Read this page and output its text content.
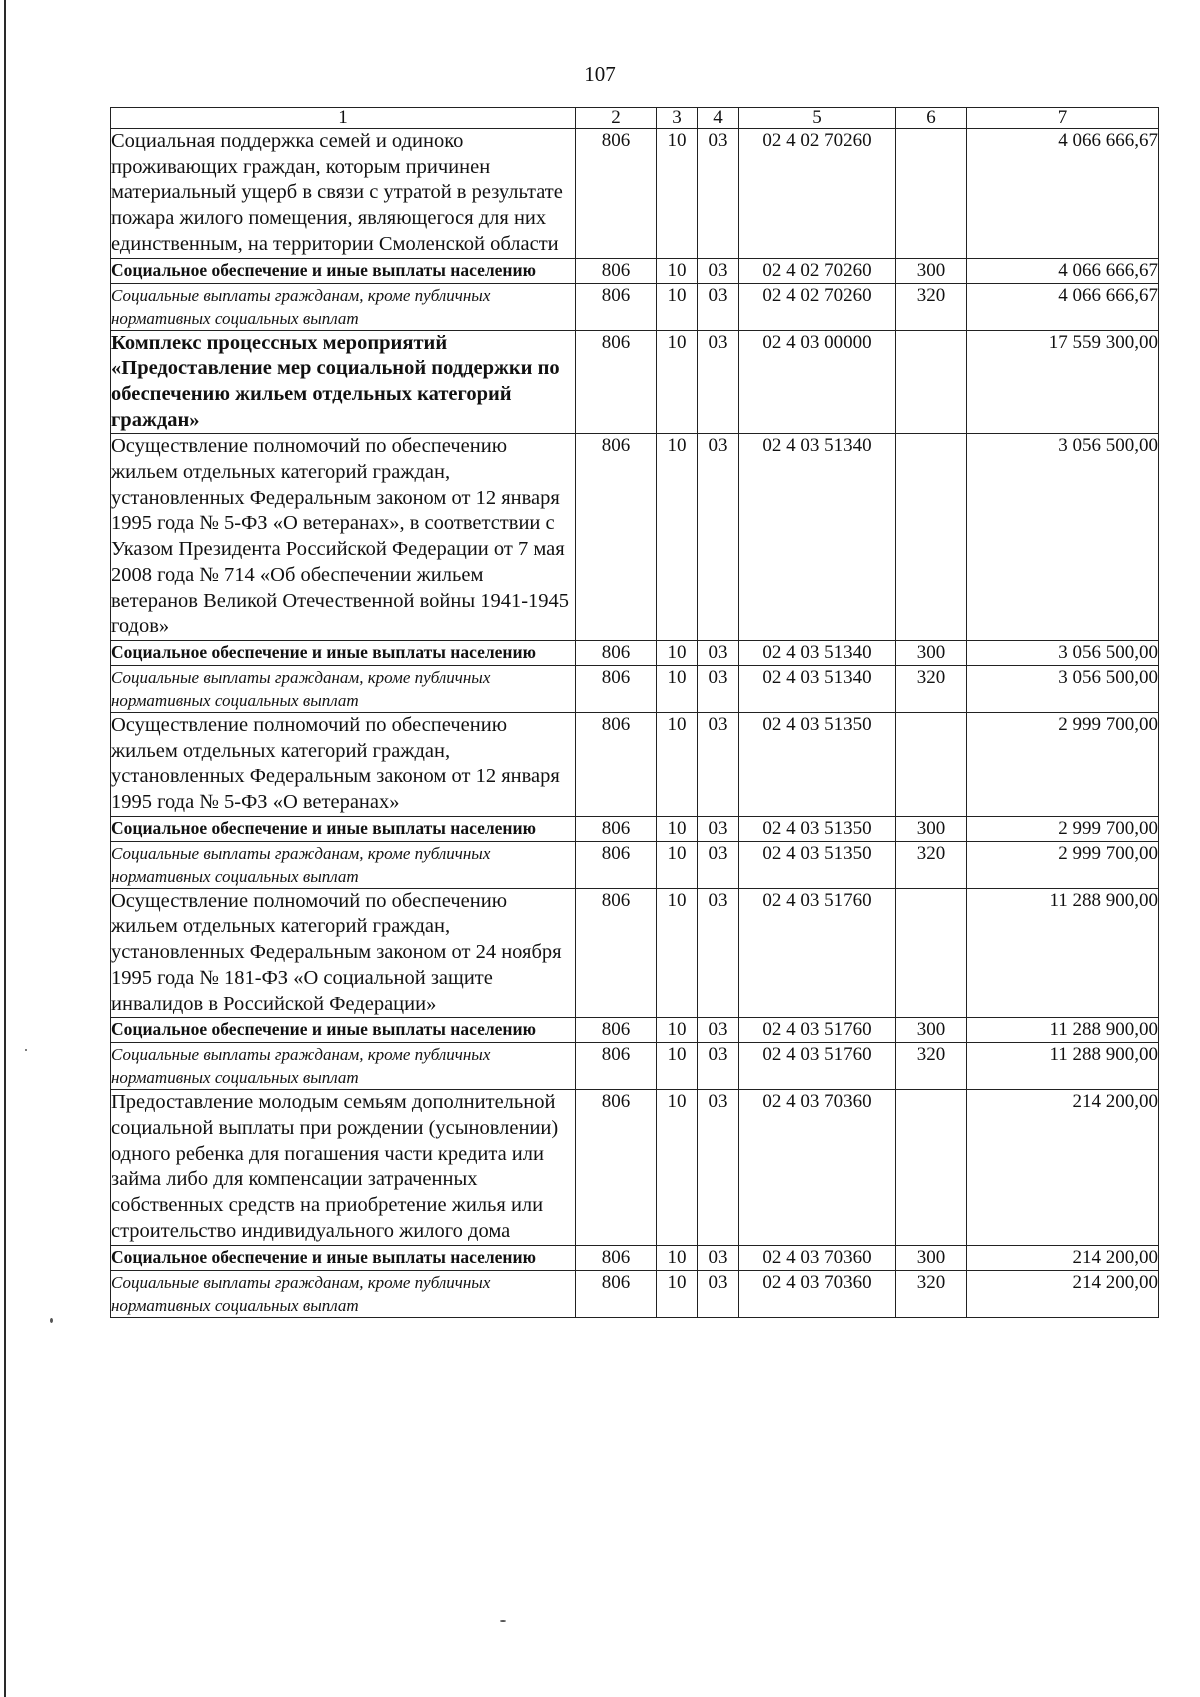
107
1	2	3	4	5	6	7
Социальная поддержка семей и одиноко проживающих граждан, которым причинен материальный ущерб в связи с утратой в результате пожара жилого помещения, являющегося для них единственным, на территории Смоленской области	806	10	03	02 4 02 70260		4 066 666,67
Социальное обеспечение и иные выплаты населению	806	10	03	02 4 02 70260	300	4 066 666,67
Социальные выплаты гражданам, кроме публичных нормативных социальных выплат	806	10	03	02 4 02 70260	320	4 066 666,67
Комплекс процессных мероприятий «Предоставление мер социальной поддержки по обеспечению жильем отдельных категорий граждан»	806	10	03	02 4 03 00000		17 559 300,00
Осуществление полномочий по обеспечению жильем отдельных категорий граждан, установленных Федеральным законом от 12 января 1995 года № 5-ФЗ «О ветеранах», в соответствии с Указом Президента Российской Федерации от 7 мая 2008 года № 714 «Об обеспечении жильем ветеранов Великой Отечественной войны 1941-1945 годов»	806	10	03	02 4 03 51340		3 056 500,00
Социальное обеспечение и иные выплаты населению	806	10	03	02 4 03 51340	300	3 056 500,00
Социальные выплаты гражданам, кроме публичных нормативных социальных выплат	806	10	03	02 4 03 51340	320	3 056 500,00
Осуществление полномочий по обеспечению жильем отдельных категорий граждан, установленных Федеральным законом от 12 января 1995 года № 5-ФЗ «О ветеранах»	806	10	03	02 4 03 51350		2 999 700,00
Социальное обеспечение и иные выплаты населению	806	10	03	02 4 03 51350	300	2 999 700,00
Социальные выплаты гражданам, кроме публичных нормативных социальных выплат	806	10	03	02 4 03 51350	320	2 999 700,00
Осуществление полномочий по обеспечению жильем отдельных категорий граждан, установленных Федеральным законом от 24 ноября 1995 года № 181-ФЗ «О социальной защите инвалидов в Российской Федерации»	806	10	03	02 4 03 51760		11 288 900,00
Социальное обеспечение и иные выплаты населению	806	10	03	02 4 03 51760	300	11 288 900,00
Социальные выплаты гражданам, кроме публичных нормативных социальных выплат	806	10	03	02 4 03 51760	320	11 288 900,00
Предоставление молодым семьям дополнительной социальной выплаты при рождении (усыновлении) одного ребенка для погашения части кредита или займа либо для компенсации затраченных собственных средств на приобретение жилья или строительство индивидуального жилого дома	806	10	03	02 4 03 70360		214 200,00
Социальное обеспечение и иные выплаты населению	806	10	03	02 4 03 70360	300	214 200,00
Социальные выплаты гражданам, кроме публичных нормативных социальных выплат	806	10	03	02 4 03 70360	320	214 200,00
